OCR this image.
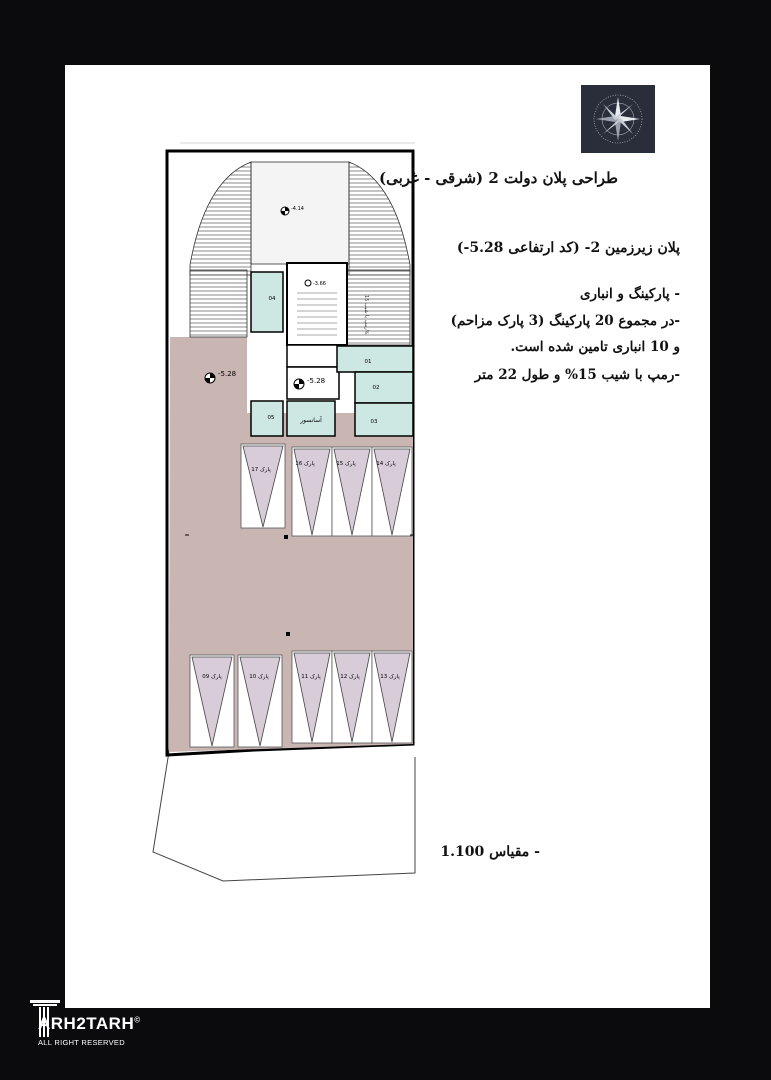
رمپ با شیب 15%
04
01
02
03
05	آسانسور
-5.28
-5.28
-4.14
-3.66
پارک 17
پارک 16	پارک 15	پارک 14
پارک 09	پارک 10	پارک 11	پارک 12	پارک 13
طراحی پلان دولت 2 (شرقی - غربی)
پلان زیرزمین 2- (کد ارتفاعی 5.28-)
- پارکینگ و انباری
-در مجموع 20 پارکینگ (3 پارک مزاحم)
و 10 انباری تامین شده است.
-رمپ با شیب 15% و طول 22 متر
- مقیاس 1.100
ARH2TARH©
ALL RIGHT RESERVED
